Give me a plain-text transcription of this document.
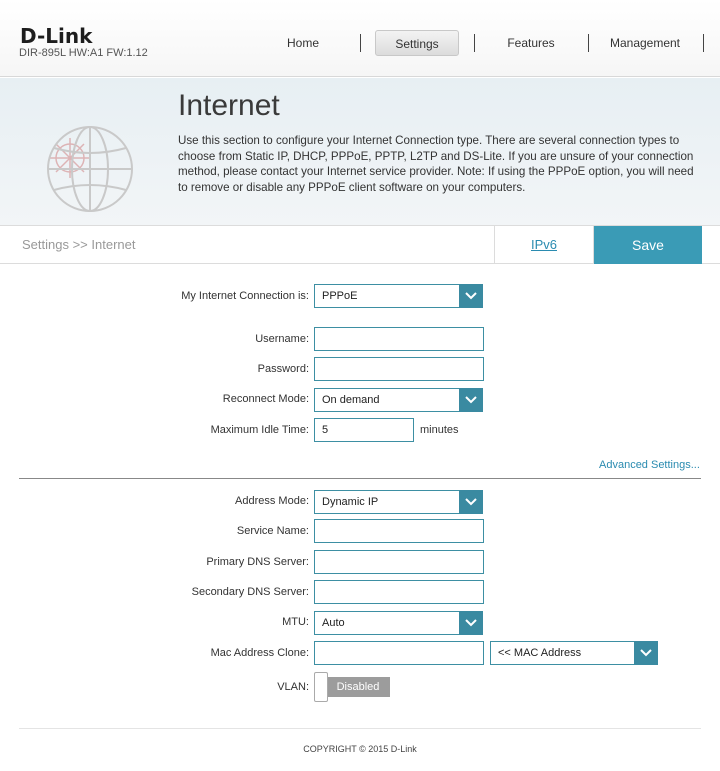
D-Link
DIR-895L HW:A1 FW:1.12
Home	Settings	Features	Management
Internet
Use this section to configure your Internet Connection type. There are several connection types to choose from Static IP, DHCP, PPPoE, PPTP, L2TP and DS-Lite. If you are unsure of your connection method, please contact your Internet service provider. Note: If using the PPPoE option, you will need to remove or disable any PPPoE client software on your computers.
Settings >> Internet	IPv6	Save
My Internet Connection is: PPPoE
Username:
Password:
Reconnect Mode: On demand
Maximum Idle Time:	5	minutes
Advanced Settings...
Address Mode: Dynamic IP
Service Name:
Primary DNS Server:
Secondary DNS Server:
MTU: Auto
Mac Address Clone:	<< MAC Address
VLAN:	Disabled
COPYRIGHT © 2015 D-Link
